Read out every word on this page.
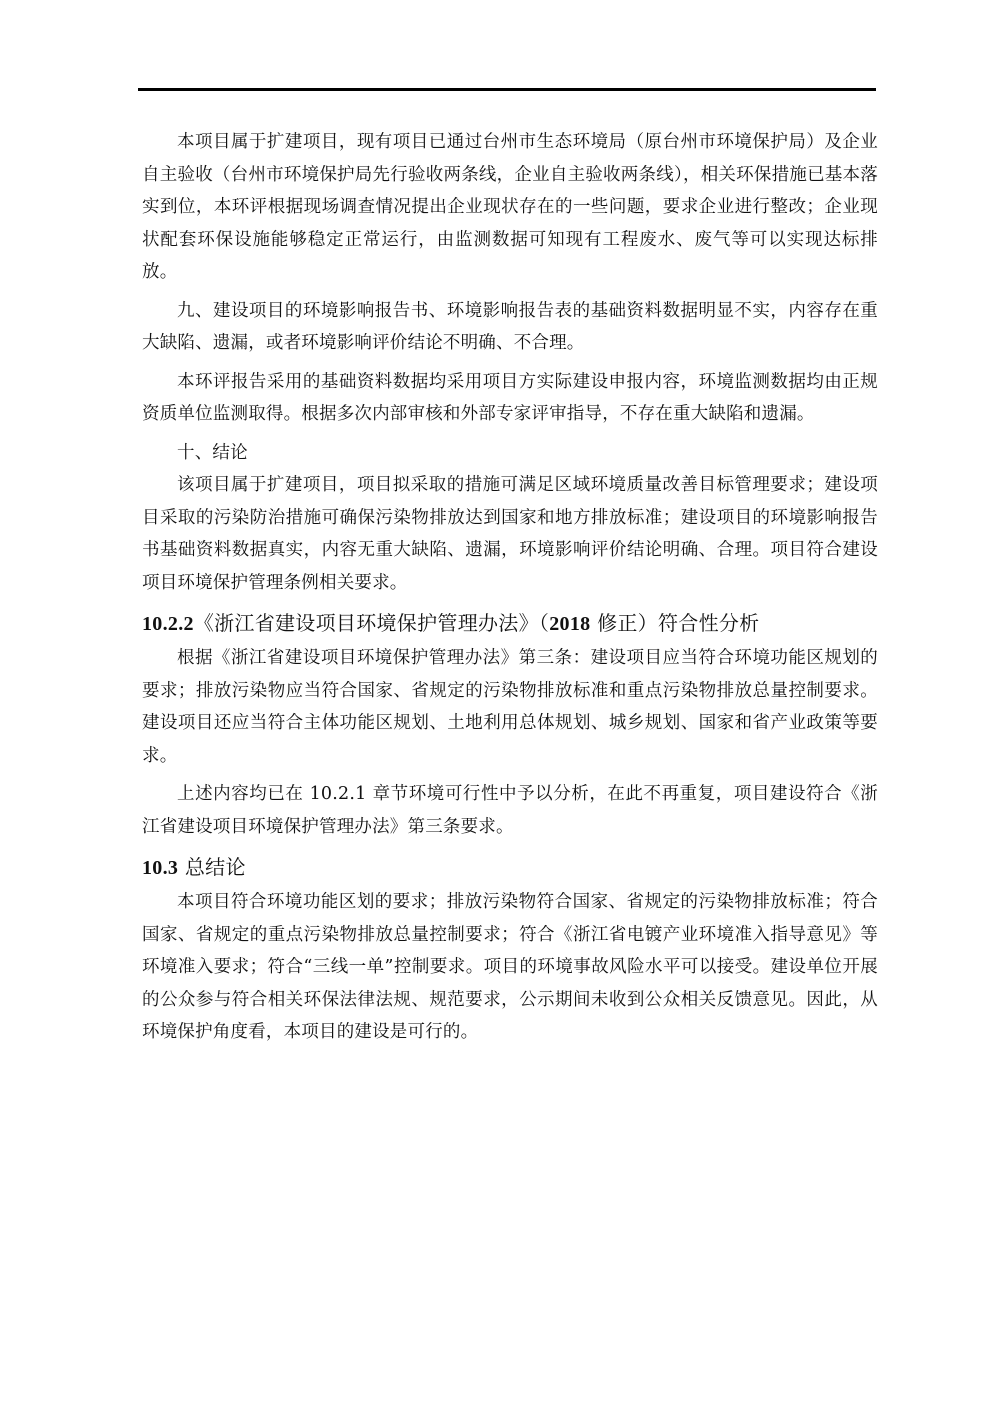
本项目属于扩建项目，现有项目已通过台州市生态环境局（原台州市环境保护局）及企业自主验收（台州市环境保护局先行验收两条线，企业自主验收两条线），相关环保措施已基本落实到位，本环评根据现场调查情况提出企业现状存在的一些问题，要求企业进行整改；企业现状配套环保设施能够稳定正常运行，由监测数据可知现有工程废水、废气等可以实现达标排放。

九、建设项目的环境影响报告书、环境影响报告表的基础资料数据明显不实，内容存在重大缺陷、遗漏，或者环境影响评价结论不明确、不合理。

本环评报告采用的基础资料数据均采用项目方实际建设申报内容，环境监测数据均由正规资质单位监测取得。根据多次内部审核和外部专家评审指导，不存在重大缺陷和遗漏。

十、结论

该项目属于扩建项目，项目拟采取的措施可满足区域环境质量改善目标管理要求；建设项目采取的污染防治措施可确保污染物排放达到国家和地方排放标准；建设项目的环境影响报告书基础资料数据真实，内容无重大缺陷、遗漏，环境影响评价结论明确、合理。项目符合建设项目环境保护管理条例相关要求。

10.2.2《浙江省建设项目环境保护管理办法》（2018 修正）符合性分析

根据《浙江省建设项目环境保护管理办法》第三条：建设项目应当符合环境功能区规划的要求；排放污染物应当符合国家、省规定的污染物排放标准和重点污染物排放总量控制要求。建设项目还应当符合主体功能区规划、土地利用总体规划、城乡规划、国家和省产业政策等要求。

上述内容均已在 10.2.1 章节环境可行性中予以分析，在此不再重复，项目建设符合《浙江省建设项目环境保护管理办法》第三条要求。

10.3 总结论

本项目符合环境功能区划的要求；排放污染物符合国家、省规定的污染物排放标准；符合国家、省规定的重点污染物排放总量控制要求；符合《浙江省电镀产业环境准入指导意见》等环境准入要求；符合“三线一单”控制要求。项目的环境事故风险水平可以接受。建设单位开展的公众参与符合相关环保法律法规、规范要求，公示期间未收到公众相关反馈意见。因此，从环境保护角度看，本项目的建设是可行的。
